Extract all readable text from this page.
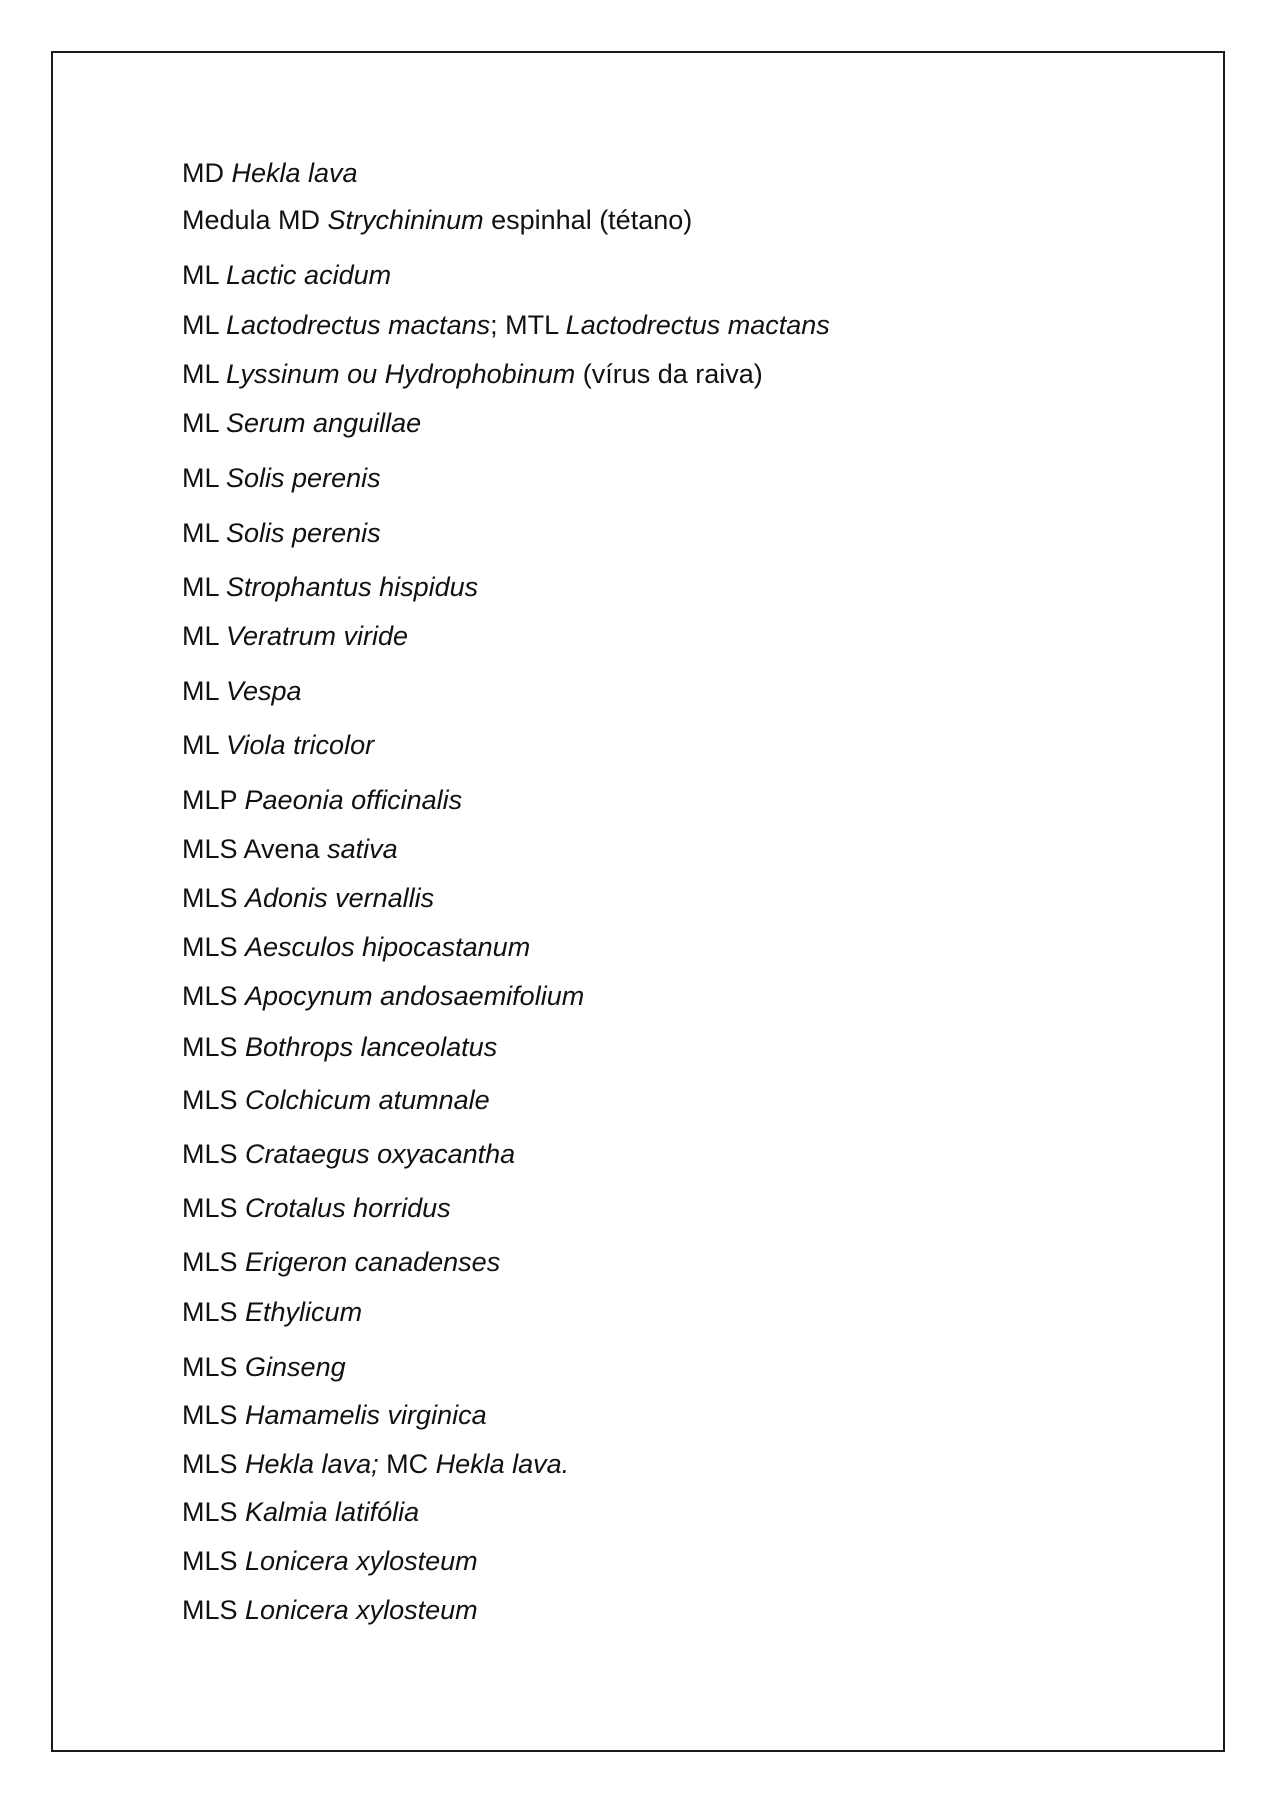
MD Hekla lava
Medula MD Strychininum espinhal (tétano)
ML Lactic acidum
ML Lactodrectus mactans; MTL Lactodrectus mactans
ML Lyssinum ou Hydrophobinum (vírus da raiva)
ML Serum anguillae
ML Solis perenis
ML Solis perenis
ML Strophantus hispidus
ML Veratrum viride
ML Vespa
ML Viola tricolor
MLP Paeonia officinalis
MLS Avena sativa
MLS Adonis vernallis
MLS Aesculos hipocastanum
MLS Apocynum andosaemifolium
MLS Bothrops lanceolatus
MLS Colchicum atumnale
MLS Crataegus oxyacantha
MLS Crotalus horridus
MLS Erigeron canadenses
MLS Ethylicum
MLS Ginseng
MLS Hamamelis virginica
MLS Hekla lava; MC Hekla lava.
MLS Kalmia latifólia
MLS Lonicera xylosteum
MLS Lonicera xylosteum
